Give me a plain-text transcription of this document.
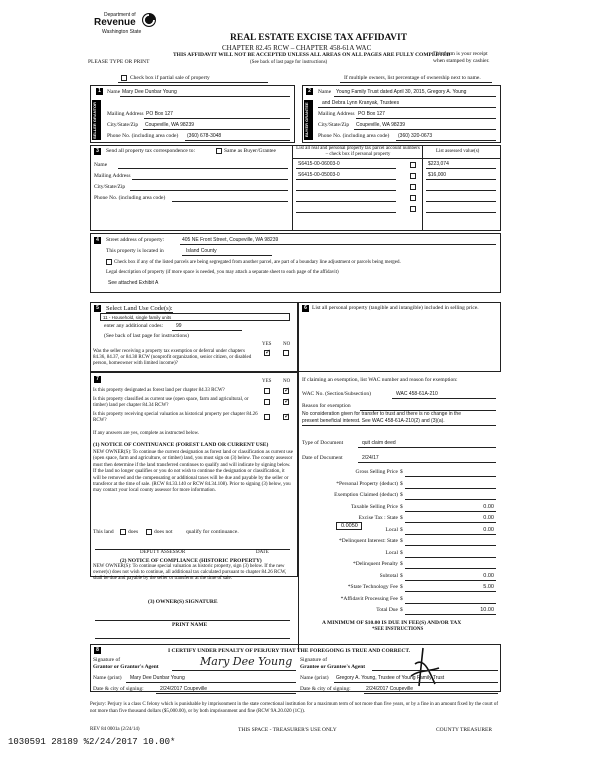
Department of
Revenue
Washington State
REAL ESTATE EXCISE TAX AFFIDAVIT
CHAPTER 82.45 RCW – CHAPTER 458-61A WAC
THIS AFFIDAVIT WILL NOT BE ACCEPTED UNLESS ALL AREAS ON ALL PAGES ARE FULLY COMPLETED
(See back of last page for instructions)
PLEASE TYPE OR PRINT
This form is your receipt
when stamped by cashier.
Check box if partial sale of property	If multiple owners, list percentage of ownership next to name.
1
SELLER GRANTOR
Name Mary Dee Dunbar Young
Mailing Address PO Box 127
City/State/Zip Coupeville, WA 98239
Phone No. (including area code) (360) 678-3048
2
BUYER GRANTEE
Name Young Family Trust dated April 30, 2015, Gregory A. Young
and Debra Lynn Kranyak, Trustees
Mailing Address PO Box 127
City/State/Zip Coupeville, WA 98239
Phone No. (including area code) (360) 320-0673
3	Send all property tax correspondence to:	Same as Buyer/Grantee
Name
Mailing Address
City/State/Zip
Phone No. (including area code)
List all real and personal property tax parcel account numbers – check box if personal property
List assessed value(s)
S6415-00-06003-0	$223,074
S6415-00-05003-0	$16,000
4	Street address of property:	405 NE Front Street, Coupeville, WA 98239
This property is located in	Island County
Check box if any of the listed parcels are being segregated from another parcel, are part of a boundary line adjustment or parcels being merged.
Legal description of property (if more space is needed, you may attach a separate sheet to each page of the affidavit)
See attached Exhibit A
5	Select Land Use Code(s):
11 - Household, single family units
enter any additional codes:	99
(See back of last page for instructions)
YES NO
Was the seller receiving a property tax exemption or deferral under chapters 84.36, 84.37, or 84.38 RCW (nonprofit organization, senior citizen, or disabled person, homeowner with limited income)?
✓
6 List all personal property (tangible and intangible) included in selling price.
7	YES NO
Is this property designated as forest land per chapter 84.33 RCW?
✓
Is this property classified as current use (open space, farm and agricultural, or timber) land per chapter 84.34 RCW?
✓
Is this property receiving special valuation as historical property per chapter 84.26 RCW?
✓
If any answers are yes, complete as instructed below.
(1) NOTICE OF CONTINUANCE (FOREST LAND OR CURRENT USE)
NEW OWNER(S): To continue the current designation as forest land or classification as current use (open space, farm and agriculture, or timber) land, you must sign on (3) below. The county assessor must then determine if the land transferred continues to qualify and will indicate by signing below. If the land no longer qualifies or you do not wish to continue the designation or classification, it will be removed and the compensating or additional taxes will be due and payable by the seller or transferor at the time of sale. (RCW 84.33.140 or RCW 84.34.108). Prior to signing (3) below, you may contact your local county assessor for more information.
This land	does	does not qualify for continuance.
DEPUTY ASSESSOR	DATE
(2) NOTICE OF COMPLIANCE (HISTORIC PROPERTY)
NEW OWNER(S): To continue special valuation as historic property, sign (3) below. If the new owner(s) does not wish to continue, all additional tax calculated pursuant to chapter 84.26 RCW, shall be due and payable by the seller or transferor at the time of sale.
(3) OWNER(S) SIGNATURE
PRINT NAME
If claiming an exemption, list WAC number and reason for exemption:
WAC No. (Section/Subsection)	WAC 458-61A-210
Reason for exemption
No consideration given for transfer to trust and there is no change in the
present beneficial interest. See WAC 458-61A-210(2) and (3)(a).
Type of Document	quit claim deed
Date of Document	2/24/17
Gross Selling Price $
*Personal Property (deduct) $
Exemption Claimed (deduct) $
Taxable Selling Price $	0.00
Excise Tax : State $	0.00
Local $	0.00
*Delinquent Interest: State $
Local $
*Delinquent Penalty $
Subtotal $	0.00
*State Technology Fee $	5.00
*Affidavit Processing Fee $
Total Due $	10.00
0.0050
A MINIMUM OF $10.00 IS DUE IN FEE(S) AND/OR TAX
*SEE INSTRUCTIONS
8	I CERTIFY UNDER PENALTY OF PERJURY THAT THE FOREGOING IS TRUE AND CORRECT.
Signature of
Grantor or Grantor's Agent	Mary Dee Young
Name (print) Mary Dee Dunbar Young
Date & city of signing:	2/24/2017 Coupeville
Signature of
Grantee or Grantee's Agent
Name (print) Gregory A. Young, Trustee of Young Family Trust
Date & city of signing:	2/24/2017 Coupeville
Perjury: Perjury is a class C felony which is punishable by imprisonment in the state correctional institution for a maximum term of not more than five years, or by a fine in an amount fixed by the court of not more than five thousand dollars ($5,000.00), or by both imprisonment and fine (RCW 9A.20.020 (1C)).
REV 84 0001a (2/24/14)	THIS SPACE - TREASURER'S USE ONLY	COUNTY TREASURER
1030591 28189 %2/24/2017 10.00*
